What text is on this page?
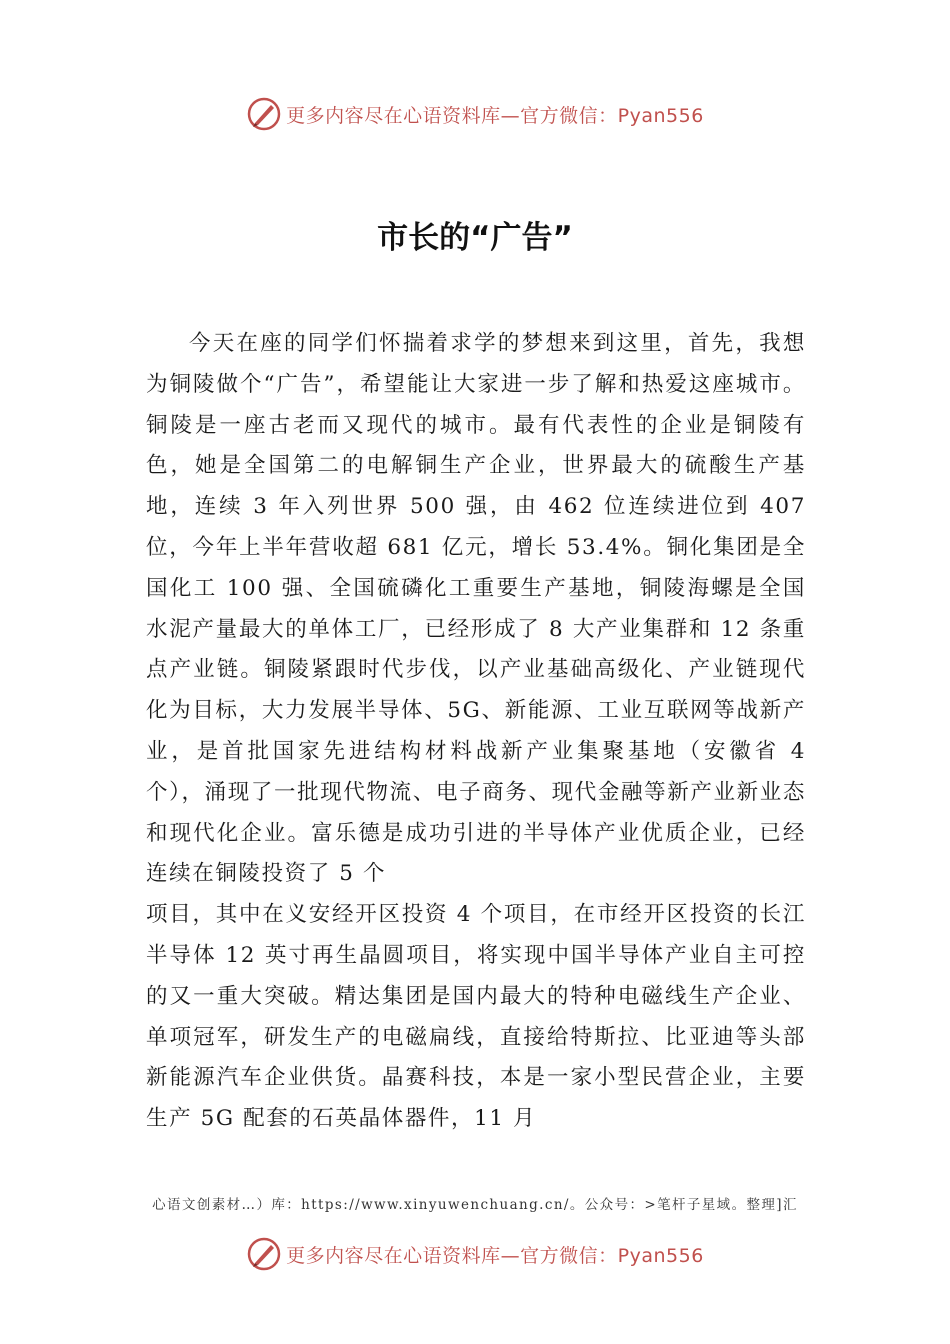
更多内容尽在心语资料库—官方微信：Pyan556
市长的“广告”

今天在座的同学们怀揣着求学的梦想来到这里，首先，我想为铜陵做个“广告”，希望能让大家进一步了解和热爱这座城市。铜陵是一座古老而又现代的城市。最有代表性的企业是铜陵有色，她是全国第二的电解铜生产企业，世界最大的硫酸生产基地，连续 3 年入列世界 500 强，由 462 位连续进位到 407 位，今年上半年营收超 681 亿元，增长 53.4%。铜化集团是全国化工 100 强、全国硫磷化工重要生产基地，铜陵海螺是全国水泥产量最大的单体工厂，已经形成了 8 大产业集群和 12 条重点产业链。铜陵紧跟时代步伐，以产业基础高级化、产业链现代化为目标，大力发展半导体、5G、新能源、工业互联网等战新产业，是首批国家先进结构材料战新产业集聚基地（安徽省 4 个），涌现了一批现代物流、电子商务、现代金融等新产业新业态和现代化企业。富乐德是成功引进的半导体产业优质企业，已经连续在铜陵投资了 5 个

项目，其中在义安经开区投资 4 个项目，在市经开区投资的长江半导体 12 英寸再生晶圆项目，将实现中国半导体产业自主可控的又一重大突破。精达集团是国内最大的特种电磁线生产企业、单项冠军，研发生产的电磁扁线，直接给特斯拉、比亚迪等头部新能源汽车企业供货。晶赛科技，本是一家小型民营企业，主要生产 5G 配套的石英晶体器件，11 月

心语文创素材…）库：https://www.xinyuwenchuang.cn/。公众号：>笔杆子星域。整理]汇
更多内容尽在心语资料库—官方微信：Pyan556
